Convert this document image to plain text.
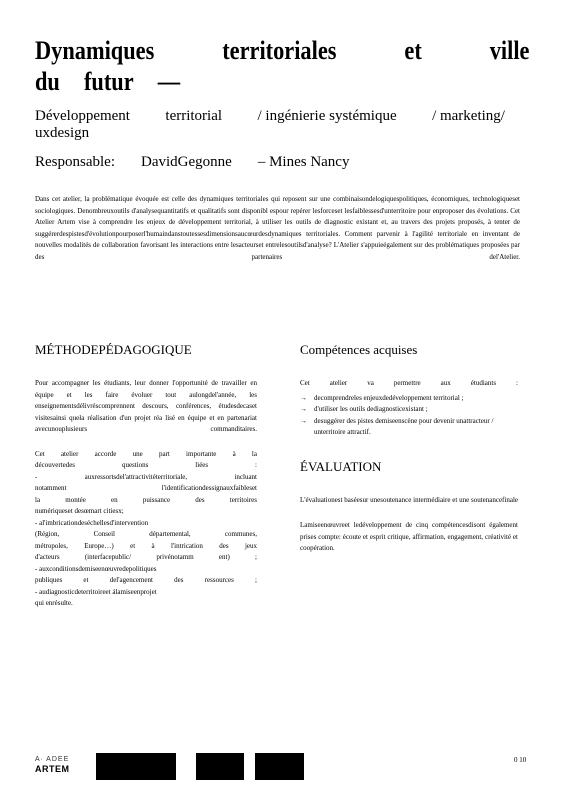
Dynamiques	territoriales	et	ville
du futur —
Développement territorial / ingénierie systémique / marketing/
uxdesign
Responsable: DavidGegonne – Mines Nancy

Dans cet atelier, la problématique évoquée est celle des dynamiques territoriales qui reposent sur une combinaisondelogiquespolitiques, économiques, technologiqueset sociologiques. Denombreuxoutils d'analysequantitatifs et qualitatifs sont disponibl espour repérer lesforceset lesfaiblessesd'unterritoire pour enproposer des évolutions. Cet Atelier Artem vise à comprendre les enjeux de développement territorial, à utiliser les outils de diagnostic existant et, au travers des projets proposés, à tenter de suggérerdespistesd'évolutionpourposerl'humaindanstoutessesdimensionsaucœurdesdynamiques territoriales. Comment parvenir à l'agilité territoriale en inventant de nouvelles modalités de collaboration favorisant les interactions entre lesacteurset entrelesoutilsd'analyse? L'Atelier s'appuieégalement sur des problématiques proposées par des partenaires del'Atelier.

MÉTHODEPÉDAGOGIQUE

Pour accompagner les étudiants, leur donner l'opportunité de travailler en équipe et les faire évoluer tout aulongdel'année, les enseignementsdélivréscomprennent descours, conférences, étudesdecaset visitesainsi queła réalisation d'un projet réa lisé en équipe et en partenariat avecunouplusieurs commanditaires.

Cet atelier accorde une part importante à la
découvertedes questions liées :
- auxressortsdel'attractivitéterritoriale, incluant
notamment l'identificationdessignauxfaibleset
la montée en puissance des territoires
numériqueset desœmart citiesx;
- al'imbricationdeséchellesd'intervention
(Région, Conseil départemental, communes,
métropoles, Europe…) et à l'intrication des jeux
d'acteurs (interfacepublic/ privénotamm ent) ;
- auxconditionsdemiseenœuvredepolitiques
publiques et del'agencement des ressources ;
- audiagnosticdeterritoireet álamiseenprojet
qui enrésulte.
Compétences acquises

Cet atelier va permettre aux étudiants :

→	decomprendreles enjeuxdedéveloppement territorial ;
→	d'utiliser les outils dediagnosticexistant ;
→	desuggérer des pistes demiseenscène pour devenir unattracteur / unterritoire attractif.
ÉVALUATION

L'évaluationest baséesur unesoutenance intermédiaire et une soutenancefinale

Lamiseenœuvreet ledéveloppement de cinq compétencesdisont également prises compte: écoute et esprit critique, affirmation, engagement, créativité et coopération.

A∙ ADEE
ARTEM
0 10
